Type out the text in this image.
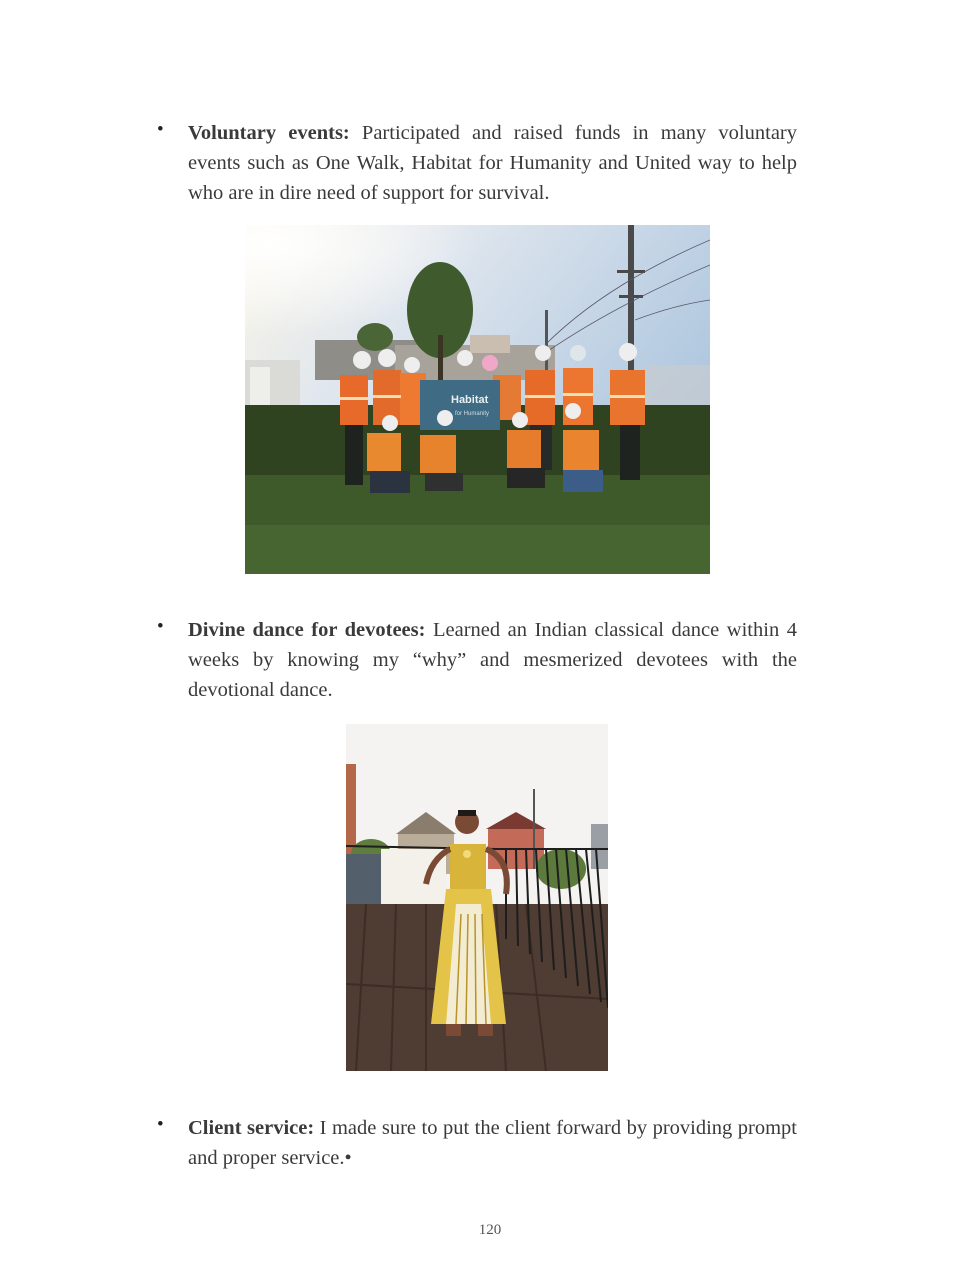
• Voluntary events: Participated and raised funds in many voluntary events such as One Walk, Habitat for Humanity and United way to help who are in dire need of support for survival.
Habitat
for Humanity
• Divine dance for devotees: Learned an Indian classical dance within 4 weeks by knowing my “why” and mesmerized devotees with the devotional dance.
• Client service: I made sure to put the client forward by providing prompt and proper service.•
120
